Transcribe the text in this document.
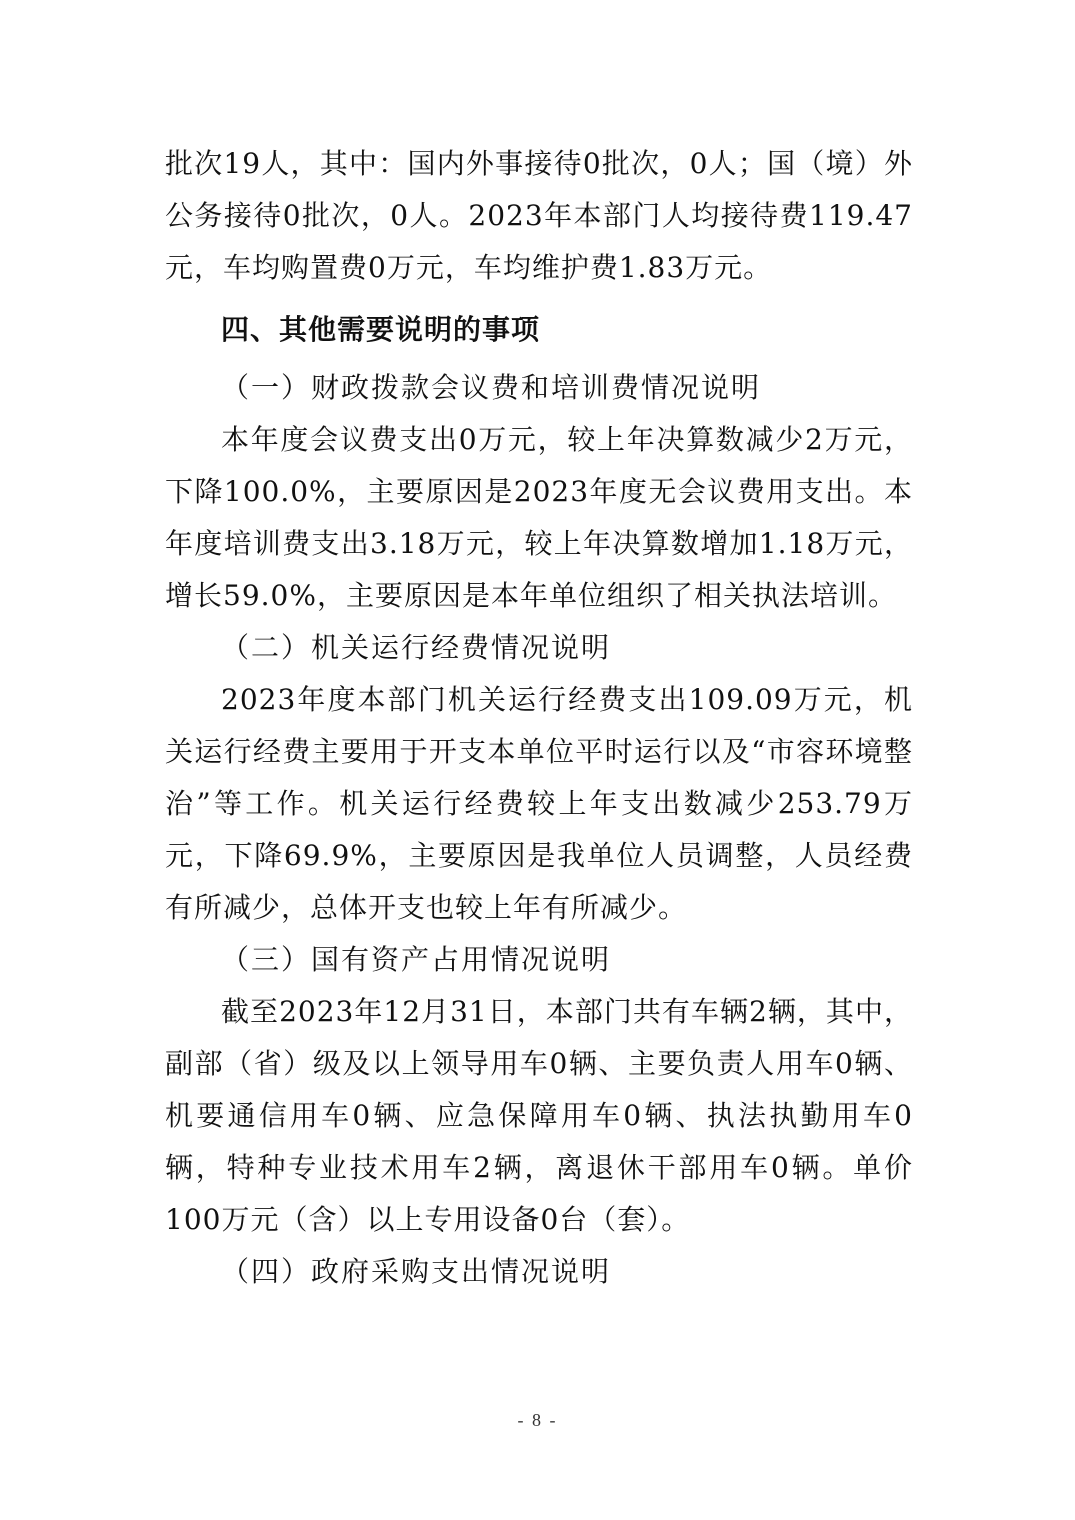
批次19人，其中：国内外事接待0批次，0人；国（境）外公务接待0批次，0人。2023年本部门人均接待费119.47元，车均购置费0万元，车均维护费1.83万元。

四、其他需要说明的事项

（一）财政拨款会议费和培训费情况说明

本年度会议费支出0万元，较上年决算数减少2万元，下降100.0%，主要原因是2023年度无会议费用支出。本年度培训费支出3.18万元，较上年决算数增加1.18万元，增长59.0%，主要原因是本年单位组织了相关执法培训。

（二）机关运行经费情况说明

2023年度本部门机关运行经费支出109.09万元，机关运行经费主要用于开支本单位平时运行以及“市容环境整治”等工作。机关运行经费较上年支出数减少253.79万元，下降69.9%，主要原因是我单位人员调整，人员经费有所减少，总体开支也较上年有所减少。

（三）国有资产占用情况说明

截至2023年12月31日，本部门共有车辆2辆，其中，副部（省）级及以上领导用车0辆、主要负责人用车0辆、机要通信用车0辆、应急保障用车0辆、执法执勤用车0辆，特种专业技术用车2辆，离退休干部用车0辆。单价100万元（含）以上专用设备0台（套）。

（四）政府采购支出情况说明

- 8 -
